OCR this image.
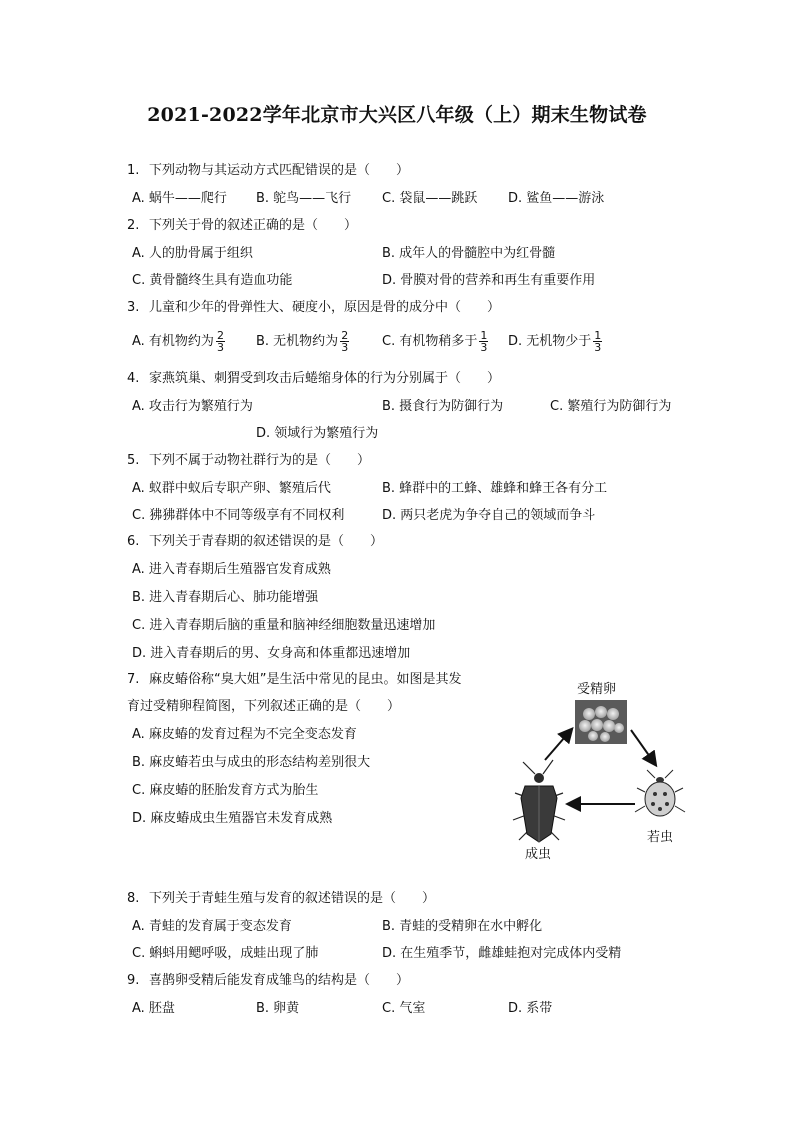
2021-2022学年北京市大兴区八年级（上）期末生物试卷
1. 下列动物与其运动方式匹配错误的是（　　）
A. 蜗牛——爬行 B. 鸵鸟——飞行 C. 袋鼠——跳跃 D. 鲨鱼——游泳
2. 下列关于骨的叙述正确的是（　　）
A. 人的肋骨属于组织	B. 成年人的骨髓腔中为红骨髓
C. 黄骨髓终生具有造血功能	D. 骨膜对骨的营养和再生有重要作用
3. 儿童和少年的骨弹性大、硬度小，原因是骨的成分中（　　）
A. 有机物约为 $\frac{2}{3} B$. 无机物约为 $\frac{2}{3}$	C. 有机物稍多于 $\frac{1}{3} D$. 无机物少于 $\frac{1}{3}$
4. 家燕筑巢、刺猬受到攻击后蜷缩身体的行为分别属于（　　）
A. 攻击行为繁殖行为	B. 摄食行为防御行为	C. 繁殖行为防御行为
D. 领域行为繁殖行为
5. 下列不属于动物社群行为的是（　　）
A. 蚁群中蚁后专职产卵、繁殖后代	B. 蜂群中的工蜂、雄蜂和蜂王各有分工
C. 狒狒群体中不同等级享有不同权利	D. 两只老虎为争夺自己的领域而争斗
6. 下列关于青春期的叙述错误的是（　　）
A. 进入青春期后生殖器官发育成熟
B. 进入青春期后心、肺功能增强
C. 进入青春期后脑的重量和脑神经细胞数量迅速增加
D. 进入青春期后的男、女身高和体重都迅速增加
7. 麻皮蝽俗称“臭大姐”是生活中常见的昆虫。如图是其发
育过受精卵程简图，下列叙述正确的是（　　）
A. 麻皮蝽的发育过程为不完全变态发育
B. 麻皮蝽若虫与成虫的形态结构差别很大
C. 麻皮蝽的胚胎发育方式为胎生
D. 麻皮蝽成虫生殖器官未发育成熟
受精卵
若虫
成虫
8. 下列关于青蛙生殖与发育的叙述错误的是（　　）
A. 青蛙的发育属于变态发育	B. 青蛙的受精卵在水中孵化
C. 蝌蚪用鳃呼吸，成蛙出现了肺	D. 在生殖季节，雌雄蛙抱对完成体内受精
9. 喜鹊卵受精后能发育成雏鸟的结构是（　　）
A. 胚盘	B. 卵黄	C. 气室	D. 系带
